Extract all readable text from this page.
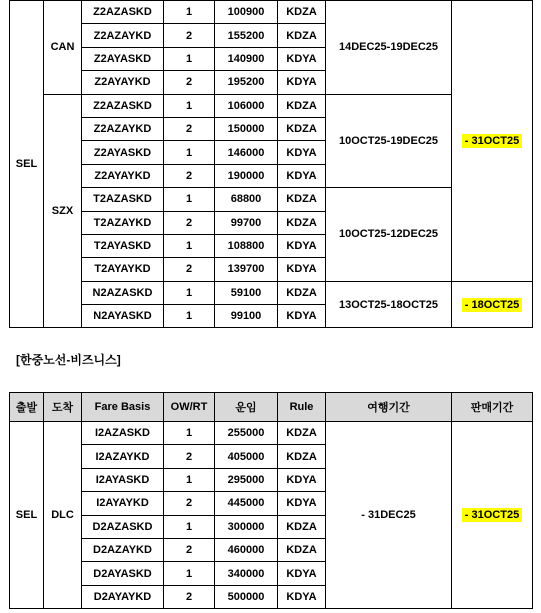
SEL	CAN	Z2AZASKD	1	100900	KDZA	14DEC25-19DEC25	- 31OCT25
		Z2AZAYKD	2	155200	KDZA		
		Z2AYASKD	1	140900	KDYA		
		Z2AYAYKD	2	195200	KDYA		
	SZX	Z2AZASKD	1	106000	KDZA	10OCT25-19DEC25	
		Z2AZAYKD	2	150000	KDZA		
		Z2AYASKD	1	146000	KDYA		
		Z2AYAYKD	2	190000	KDYA		
		T2AZASKD	1	68800	KDZA	10OCT25-12DEC25	
		T2AZAYKD	2	99700	KDZA		
		T2AYASKD	1	108800	KDYA		
		T2AYAYKD	2	139700	KDYA		
		N2AZASKD	1	59100	KDZA	13OCT25-18OCT25	- 18OCT25
		N2AYASKD	1	99100	KDYA		
[한중노선-비즈니스]
출발	도착	Fare Basis	OW/RT	운임	Rule	여행기간	판매기간
SEL	DLC	I2AZASKD	1	255000	KDZA	- 31DEC25	- 31OCT25
		I2AZAYKD	2	405000	KDZA		
		I2AYASKD	1	295000	KDYA		
		I2AYAYKD	2	445000	KDYA		
		D2AZASKD	1	300000	KDZA		
		D2AZAYKD	2	460000	KDZA		
		D2AYASKD	1	340000	KDYA		
		D2AYAYKD	2	500000	KDYA		
